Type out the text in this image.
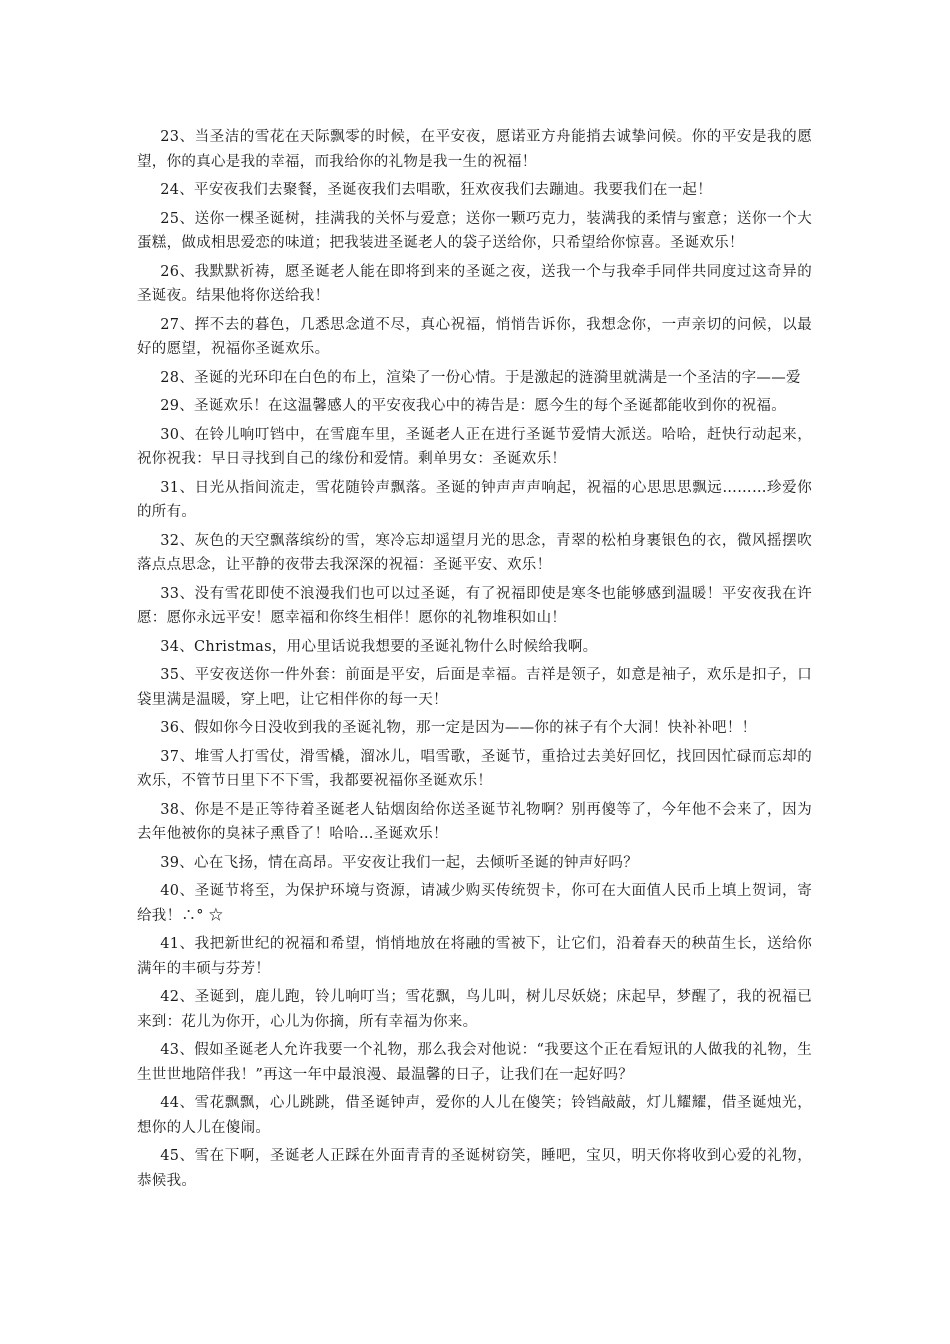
23、当圣洁的雪花在天际飘零的时候，在平安夜，愿诺亚方舟能捎去诚挚问候。你的平安是我的愿望，你的真心是我的幸福，而我给你的礼物是我一生的祝福！

24、平安夜我们去聚餐，圣诞夜我们去唱歌，狂欢夜我们去蹦迪。我要我们在一起！

25、送你一棵圣诞树，挂满我的关怀与爱意；送你一颗巧克力，装满我的柔情与蜜意；送你一个大蛋糕，做成相思爱恋的味道；把我装进圣诞老人的袋子送给你，只希望给你惊喜。圣诞欢乐！

26、我默默祈祷，愿圣诞老人能在即将到来的圣诞之夜，送我一个与我牵手同伴共同度过这奇异的圣诞夜。结果他将你送给我！

27、挥不去的暮色，几悉思念道不尽，真心祝福，悄悄告诉你，我想念你，一声亲切的问候，以最好的愿望，祝福你圣诞欢乐。

28、圣诞的光环印在白色的布上，渲染了一份心情。于是激起的涟漪里就满是一个圣洁的字——爱

29、圣诞欢乐！在这温馨感人的平安夜我心中的祷告是：愿今生的每个圣诞都能收到你的祝福。

30、在铃儿响叮铛中，在雪鹿车里，圣诞老人正在进行圣诞节爱情大派送。哈哈，赶快行动起来，祝你祝我：早日寻找到自己的缘份和爱情。剩单男女：圣诞欢乐！

31、日光从指间流走，雪花随铃声飘落。圣诞的钟声声声响起，祝福的心思思思飘远………珍爱你的所有。

32、灰色的天空飘落缤纷的雪，寒冷忘却遥望月光的思念，青翠的松柏身裹银色的衣，微风摇摆吹落点点思念，让平静的夜带去我深深的祝福：圣诞平安、欢乐！

33、没有雪花即使不浪漫我们也可以过圣诞，有了祝福即使是寒冬也能够感到温暖！平安夜我在许愿：愿你永远平安！愿幸福和你终生相伴！愿你的礼物堆积如山！

34、Christmas，用心里话说我想要的圣诞礼物什么时候给我啊。

35、平安夜送你一件外套：前面是平安，后面是幸福。吉祥是领子，如意是袖子，欢乐是扣子，口袋里满是温暖，穿上吧，让它相伴你的每一天！

36、假如你今日没收到我的圣诞礼物，那一定是因为——你的袜子有个大洞！快补补吧！！

37、堆雪人打雪仗，滑雪橇，溜冰儿，唱雪歌，圣诞节，重拾过去美好回忆，找回因忙碌而忘却的欢乐，不管节日里下不下雪，我都要祝福你圣诞欢乐！

38、你是不是正等待着圣诞老人钻烟囱给你送圣诞节礼物啊？别再傻等了，今年他不会来了，因为去年他被你的臭袜子熏昏了！哈哈…圣诞欢乐！

39、心在飞扬，情在高昂。平安夜让我们一起，去倾听圣诞的钟声好吗？

40、圣诞节将至，为保护环境与资源，请减少购买传统贺卡，你可在大面值人民币上填上贺词，寄给我！∴° ☆

41、我把新世纪的祝福和希望，悄悄地放在将融的雪被下，让它们，沿着春天的秧苗生长，送给你满年的丰硕与芬芳！

42、圣诞到，鹿儿跑，铃儿响叮当；雪花飘，鸟儿叫，树儿尽妖娆；床起早，梦醒了，我的祝福已来到：花儿为你开，心儿为你摘，所有幸福为你来。

43、假如圣诞老人允许我要一个礼物，那么我会对他说：“我要这个正在看短讯的人做我的礼物，生生世世地陪伴我！”再这一年中最浪漫、最温馨的日子，让我们在一起好吗？

44、雪花飘飘，心儿跳跳，借圣诞钟声，爱你的人儿在傻笑；铃铛敲敲，灯儿耀耀，借圣诞烛光，想你的人儿在傻闹。

45、雪在下啊，圣诞老人正踩在外面青青的圣诞树窃笑，睡吧，宝贝，明天你将收到心爱的礼物，恭候我。
